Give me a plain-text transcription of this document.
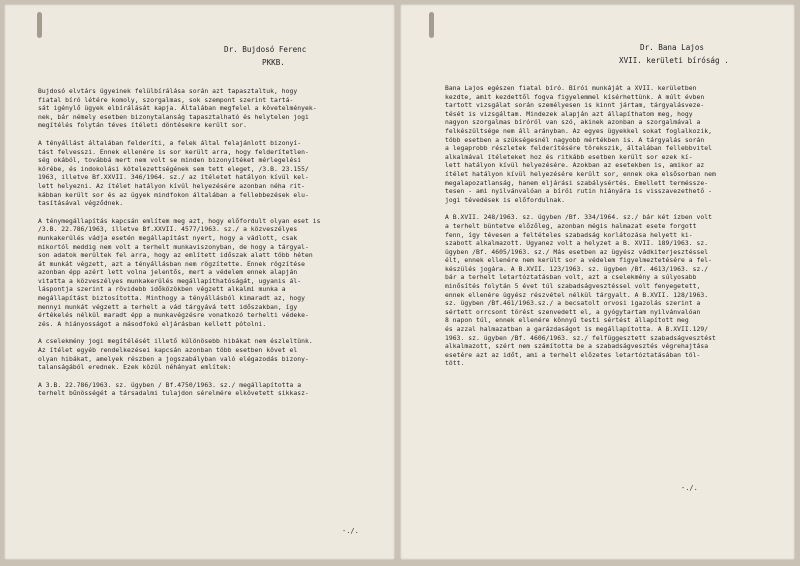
Dr. Bujdosó Ferenc
PKKB.
Bujdosó elvtárs ügyeinek felülbírálása során azt tapasztaltuk, hogy
fiatal bíró létére komoly, szorgalmas, sok szempont szerint tartá-
sát igénylő ügyek elbírálását kapja. Általában megfelel a követelmények-
nek, bár némely esetben bizonytalanság tapasztalható és helytelen jogi
megítélés folytán téves ítéleti döntésekre került sor.
A tényállást általában felderíti, a felek által felajánlott bizonyí-
tást felvesszi. Ennek ellenére is sor került arra, hogy felderítetlen-
ség okából, továbbá mert nem volt se minden bizonyítéket mérlegelési
körébe, és indokolási kötelezettségének sem tett eleget, /3.B. 23.155/
1963, illetve Bf.XXVII. 346/1964. sz./ az ítéletet hatályon kívül kel-
lett helyezni. Az ítélet hatályon kívül helyezésére azonban néha rit-
kábban került sor és az ügyek mindfokon általában a fellebbezések elu-
tasításával végződnek.
A ténymegállapítás kapcsán említem meg azt, hogy előfordult olyan eset is
/3.B. 22.786/1963, illetve Bf.XXVII. 4577/1963. sz./ a közveszélyes
munkakerülés vádja esetén megállapítást nyert, hogy a vádlott, csak
mikortól meddig nem volt a terhelt munkaviszonyban, de hogy a tárgyal-
son adatok merültek fel arra, hogy az említett időszak alatt több héten
át munkát végzett, azt a tényállásban nem rögzítette. Ennek rögzítése
azonban épp azért lett volna jelentős, mert a védelem ennek alapján
vitatta a közveszélyes munkakerülés megállapíthatóságát, ugyanis ál-
láspontja szerint a rövidebb időközökben végzett alkalmi munka a
megállapítást biztosította. Minthogy a tényállásból kimaradt az, hogy
mennyi munkát végzett a terhelt a vád tárgyává tett időszakban, így
értékelés nélkül maradt épp a munkavégzésre vonatkozó terhelti védeke-
zés. A hiányosságot a másodfokú eljárásban kellett pótolni.
A cselekmény jogi megítélését illető különösebb hibákat nem észleltünk.
Az ítélet egyéb rendelkezései kapcsán azonban több esetben követ el
olyan hibákat, amelyek részben a jogszabályban való elégazodás bizony-
talanságából erednek. Ezek közül néhányat említek:
A 3.B. 22.786/1963. sz. ügyben / Bf.4750/1963. sz./ megállapította a
terhelt bűnösségét a társadalmi tulajdon sérelmére elkövetett sikkasz-
-./.
Dr. Bana Lajos
XVII. kerületi bíróság .
Bana Lajos egészen fiatal bíró. Bírói munkáját a XVII. kerületben
kezdte, amit kezdettől fogva figyelemmel kísérhettünk. A múlt évben
tartott vizsgálat során személyesen is kinnt jártam, tárgyalásveze-
tését is vizsgáltam. Mindezek alapján azt állapíthatom meg, hogy
nagyon szorgalmas bíróról van szó, akinek azonban a szorgalmával a
felkészültsége nem áll arányban. Az egyes ügyekkel sokat foglalkozik,
több esetben a szükségesnél nagyobb mértékben is. A tárgyalás során
a legaprobb részletek felderítésére törekszik, általában fellebbvitel
alkalmával ítéleteket hoz és ritkább esetben került sor ezek kí-
lett hatályon kívül helyezésére. Azokban az esetekben is, amikor az
ítélet hatályon kívül helyezésére került sor, ennek oka elsősorban nem
megalapozatlanság, hanem eljárási szabálysértés. Emellett terméssze-
tesen - ami nyilvánvalóan a bírói rutin hiányára is visszavezethető -
jogi tévedések is előfordulnak.
A B.XVII. 248/1963. sz. ügyben /Bf. 334/1964. sz./ bár két ízben volt
a terhelt büntetve előzőleg, azonban mégis halmazat esete forgott
fenn, így tévesen a feltételes szabadság korlátozása helyett ki-
szabott alkalmazott. Ugyanez volt a helyzet a B. XVII. 189/1963. sz.
ügyben /Bf. 4605/1963. sz./ Más esetben az ügyész vádkiterjesztéssel
élt, ennek ellenére nem került sor a védelem figyelmeztetésére a fel-
készülés jogára. A B.XVII. 123/1963. sz. ügyben /Bf. 4613/1963. sz./
bár a terhelt letartóztatásban volt, azt a cselekmény a súlyosabb
minősítés folytán 5 évet túl szabadságvesztéssel volt fenyegetett,
ennek ellenére ügyész részvétel nélkül tárgyalt. A B.XVII. 128/1963.
sz. ügyben /Bf.461/1963.sz./ a becsatolt orvosi igazolás szerint a
sértett orrcsont törést szenvedett el, a gyógytartam nyilvánvalóan
8 napon túl, ennek ellenére könnyű testi sértést állapított meg
és azzal halmazatban a garázdaságot is megállapította. A B.XVII.129/
1963. sz. ügyben /Bf. 4606/1963. sz./ felfüggesztett szabadságvesztést
alkalmazott, szért nem számította be a szabadságvesztés végrehajtása
esetére azt az időt, ami a terhelt előzetes letartóztatásában töl-
tött.
-./.
